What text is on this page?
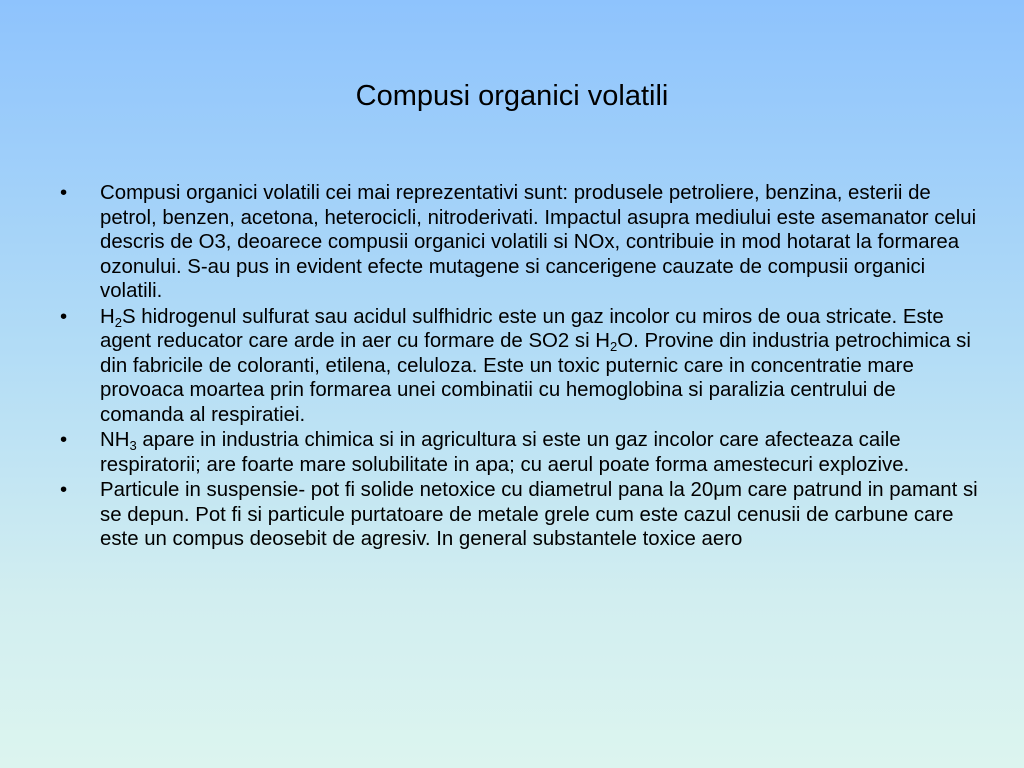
Compusi organici volatili
•	Compusi organici volatili cei mai reprezentativi sunt: produsele petroliere, benzina, esterii de petrol, benzen, acetona, heterocicli, nitroderivati. Impactul asupra mediului este asemanator celui descris de O3, deoarece compusii organici volatili si NOx, contribuie in mod hotarat la formarea ozonului. S-au pus in evident efecte mutagene si cancerigene cauzate de compusii organici volatili.
•	$H_2S$ hidrogenul sulfurat sau acidul sulfhidric este un gaz incolor cu miros de oua stricate. Este agent reducator care arde in aer cu formare de SO2 si $H_2O$. Provine din industria petrochimica si din fabricile de coloranti, etilena, celuloza. Este un toxic puternic care in concentratie mare provoaca moartea prin formarea unei combinatii cu hemoglobina si paralizia centrului de comanda al respiratiei.
•	$NH_3$ apare in industria chimica si in agricultura si este un gaz incolor care afecteaza caile respiratorii; are foarte mare solubilitate in apa; cu aerul poate forma amestecuri explozive.
•	Particule in suspensie- pot fi solide netoxice cu diametrul pana la 20μm care patrund in pamant si se depun. Pot fi si particule purtatoare de metale grele cum este cazul cenusii de carbune care este un compus deosebit de agresiv. In general substantele toxice aero
